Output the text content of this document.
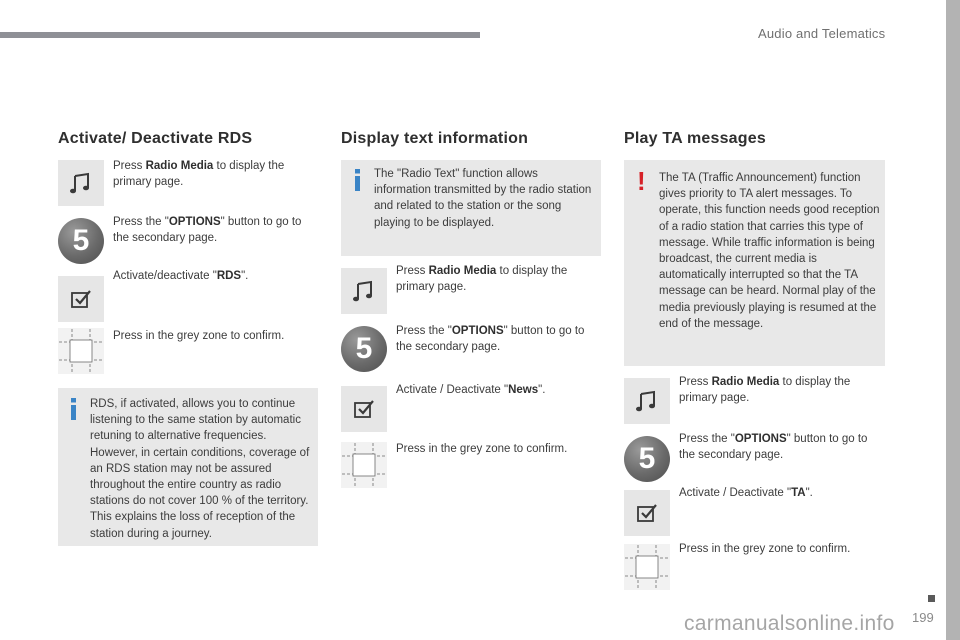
Audio and Telematics
199
carmanualsonline.info
Activate/ Deactivate RDS
Press Radio Media to display the primary page.
5
Press the "OPTIONS" button to go to the secondary page.
Activate/deactivate "RDS".
Press in the grey zone to confirm.
RDS, if activated, allows you to continue listening to the same station by automatic retuning to alternative frequencies. However, in certain conditions, coverage of an RDS station may not be assured throughout the entire country as radio stations do not cover 100 % of the territory. This explains the loss of reception of the station during a journey.
Display text information
The "Radio Text" function allows information transmitted by the radio station and related to the station or the song playing to be displayed.
Press Radio Media to display the primary page.
5
Press the "OPTIONS" button to go to the secondary page.
Activate / Deactivate "News".
Press in the grey zone to confirm.
Play TA messages
! The TA (Traffic Announcement) function gives priority to TA alert messages. To operate, this function needs good reception of a radio station that carries this type of message. While traffic information is being broadcast, the current media is automatically interrupted so that the TA message can be heard. Normal play of the media previously playing is resumed at the end of the message.
Press Radio Media to display the primary page.
5
Press the "OPTIONS" button to go to the secondary page.
Activate / Deactivate "TA".
Press in the grey zone to confirm.
